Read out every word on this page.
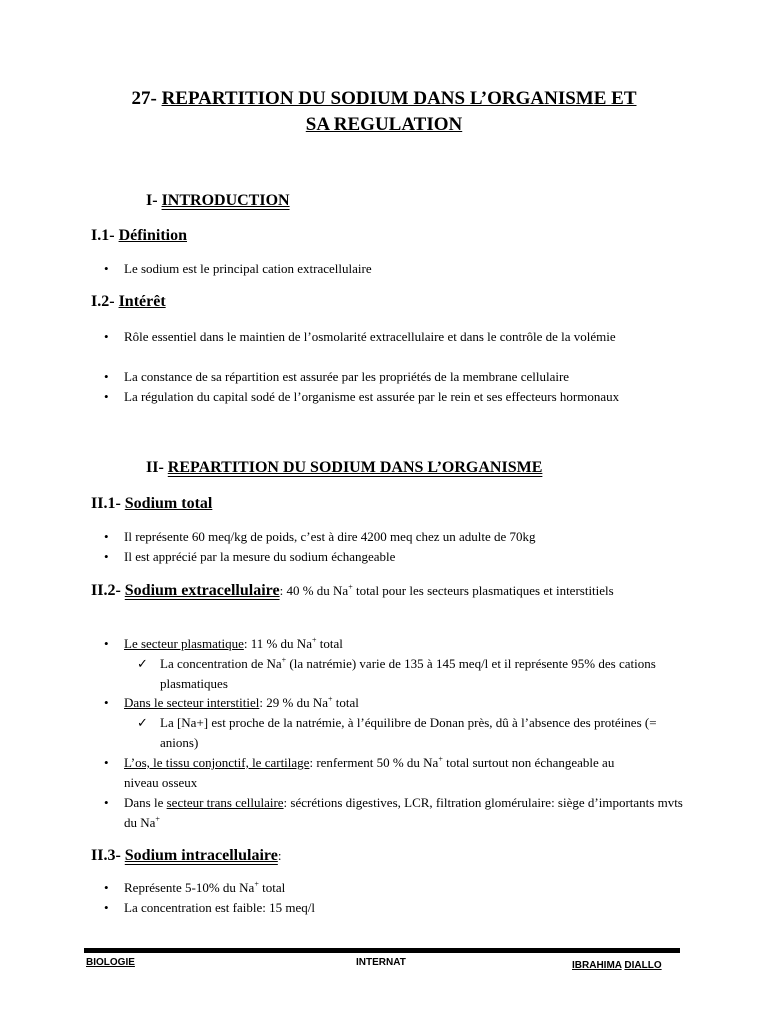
27- REPARTITION DU SODIUM DANS L’ORGANISME ET
SA REGULATION
I- INTRODUCTION
I.1- Définition
• Le sodium est le principal cation extracellulaire
I.2- Intérêt
• Rôle essentiel dans le maintien de l’osmolarité extracellulaire et dans le contrôle de la volémie
• La constance de sa répartition est assurée par les propriétés de la membrane cellulaire
• La régulation du capital sodé de l’organisme est assurée par le rein et ses effecteurs hormonaux
II- REPARTITION DU SODIUM DANS L’ORGANISME
II.1- Sodium total
• Il représente 60 meq/kg de poids, c’est à dire 4200 meq chez un adulte de 70kg
• Il est apprécié par la mesure du sodium échangeable
II.2- Sodium extracellulaire: 40 % du Na+ total pour les secteurs plasmatiques et interstitiels
• Le secteur plasmatique: 11 % du Na+ total
✓ La concentration de Na+ (la natrémie) varie de 135 à 145 meq/l et il représente 95% des cations plasmatiques
• Dans le secteur interstitiel: 29 % du Na+ total
✓ La [Na+] est proche de la natrémie, à l’équilibre de Donan près, dû à l’absence des protéines (= anions)
• L’os, le tissu conjonctif, le cartilage: renferment 50 % du Na+ total surtout non échangeable au niveau osseux
• Dans le secteur trans cellulaire: sécrétions digestives, LCR, filtration glomérulaire: siège d’importants mvts du Na+
II.3- Sodium intracellulaire:
• Représente 5-10% du Na+ total
• La concentration est faible: 15 meq/l
BIOLOGIE	INTERNAT	IBRAHIMA DIALLO
